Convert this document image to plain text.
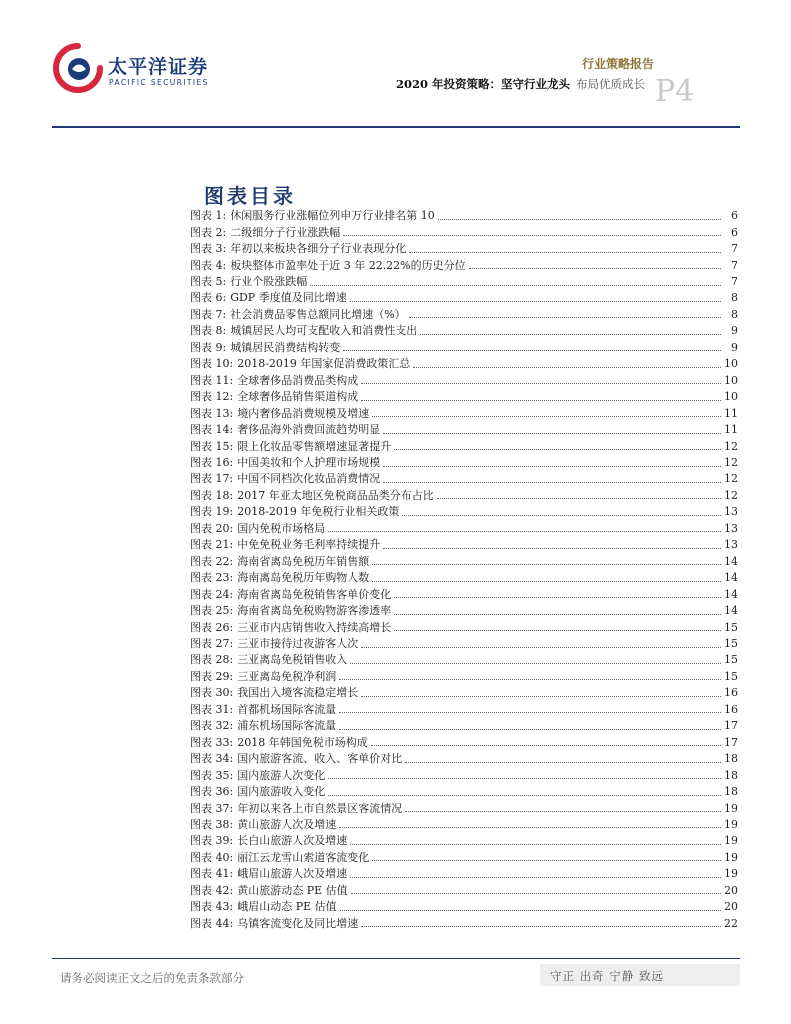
太平洋证券
PACIFIC SECURITIES
行业策略报告
2020 年投资策略：坚守行业龙头 布局优质成长 P4
图表目录
图表 1: 休闲服务行业涨幅位列申万行业排名第 10	6
图表 2: 二级细分子行业涨跌幅	6
图表 3: 年初以来板块各细分子行业表现分化	7
图表 4: 板块整体市盈率处于近 3 年 22.22%的历史分位	7
图表 5: 行业个股涨跌幅	7
图表 6: GDP 季度值及同比增速	8
图表 7: 社会消费品零售总额同比增速（%）	8
图表 8: 城镇居民人均可支配收入和消费性支出	9
图表 9: 城镇居民消费结构转变	9
图表 10: 2018-2019 年国家促消费政策汇总	10
图表 11: 全球奢侈品消费品类构成	10
图表 12: 全球奢侈品销售渠道构成	10
图表 13: 境内奢侈品消费规模及增速	11
图表 14: 奢侈品海外消费回流趋势明显	11
图表 15: 限上化妆品零售额增速显著提升	12
图表 16: 中国美妆和个人护理市场规模	12
图表 17: 中国不同档次化妆品消费情况	12
图表 18: 2017 年亚太地区免税商品品类分布占比	12
图表 19: 2018-2019 年免税行业相关政策	13
图表 20: 国内免税市场格局	13
图表 21: 中免免税业务毛利率持续提升	13
图表 22: 海南省离岛免税历年销售额	14
图表 23: 海南离岛免税历年购物人数	14
图表 24: 海南省离岛免税销售客单价变化	14
图表 25: 海南省离岛免税购物游客渗透率	14
图表 26: 三亚市内店销售收入持续高增长	15
图表 27: 三亚市接待过夜游客人次	15
图表 28: 三亚离岛免税销售收入	15
图表 29: 三亚离岛免税净利润	15
图表 30: 我国出入境客流稳定增长	16
图表 31: 首都机场国际客流量	16
图表 32: 浦东机场国际客流量	17
图表 33: 2018 年韩国免税市场构成	17
图表 34: 国内旅游客流、收入、客单价对比	18
图表 35: 国内旅游人次变化	18
图表 36: 国内旅游收入变化	18
图表 37: 年初以来各上市自然景区客流情况	19
图表 38: 黄山旅游人次及增速	19
图表 39: 长白山旅游人次及增速	19
图表 40: 丽江云龙雪山索道客流变化	19
图表 41: 峨眉山旅游人次及增速	19
图表 42: 黄山旅游动态 PE 估值	20
图表 43: 峨眉山动态 PE 估值	20
图表 44: 乌镇客流变化及同比增速	22
请务必阅读正文之后的免责条款部分	守正 出奇 宁静 致远
